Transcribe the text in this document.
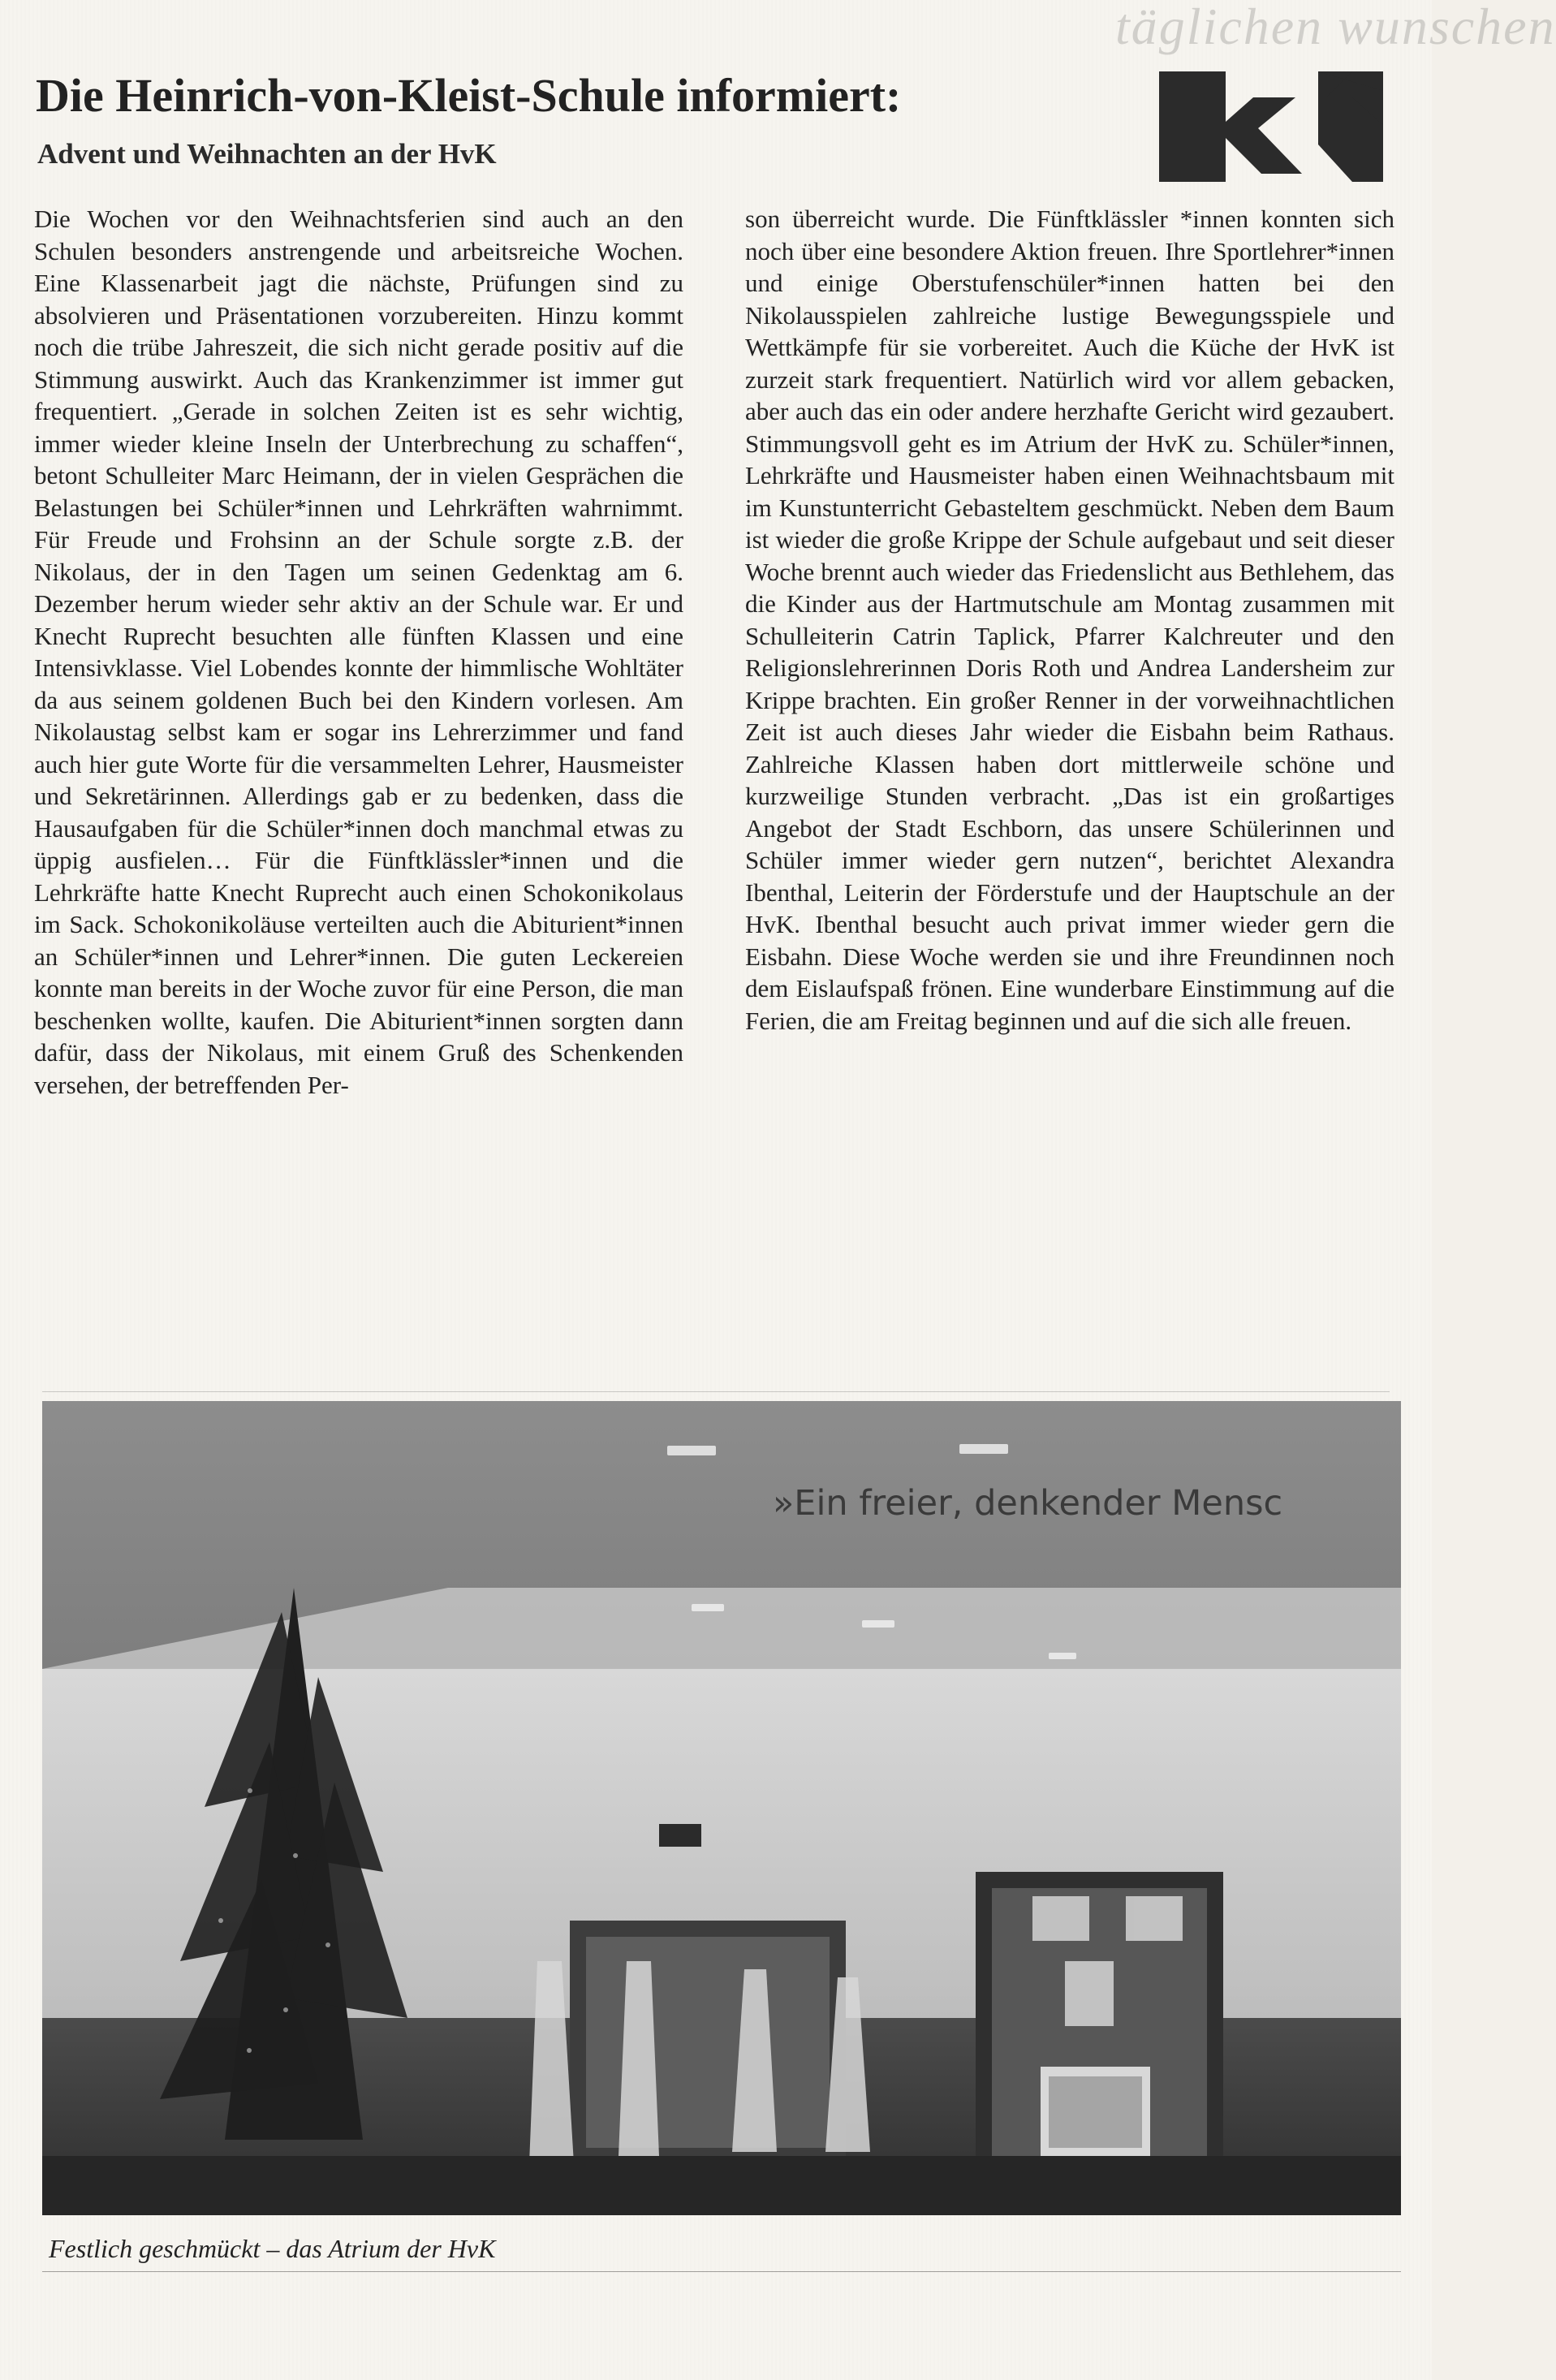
täglichen wunschen
Die Heinrich-von-Kleist-Schule informiert:
Advent und Weihnachten an der HvK
Die Wochen vor den Weihnachtsferien sind auch an den Schulen besonders anstrengende und arbeitsreiche Wochen. Eine Klassenarbeit jagt die nächste, Prüfungen sind zu absolvieren und Präsentationen vorzubereiten. Hinzu kommt noch die trübe Jahreszeit, die sich nicht gerade positiv auf die Stimmung auswirkt. Auch das Krankenzimmer ist immer gut frequentiert. „Gerade in solchen Zeiten ist es sehr wichtig, immer wieder kleine Inseln der Unterbrechung zu schaffen“, betont Schulleiter Marc Heimann, der in vielen Gesprächen die Belastungen bei Schüler*innen und Lehrkräften wahrnimmt. Für Freude und Frohsinn an der Schule sorgte z.B. der Nikolaus, der in den Tagen um seinen Gedenktag am 6. Dezember herum wieder sehr aktiv an der Schule war. Er und Knecht Ruprecht besuchten alle fünften Klassen und eine Intensivklasse. Viel Lobendes konnte der himmlische Wohltäter da aus seinem goldenen Buch bei den Kindern vorlesen. Am Nikolaustag selbst kam er sogar ins Lehrerzimmer und fand auch hier gute Worte für die versammelten Lehrer, Hausmeister und Sekretärinnen. Allerdings gab er zu bedenken, dass die Hausaufgaben für die Schüler*innen doch manchmal etwas zu üppig ausfielen… Für die Fünftklässler*innen und die Lehrkräfte hatte Knecht Ruprecht auch einen Schokonikolaus im Sack. Schokonikoläuse verteilten auch die Abiturient*innen an Schüler*innen und Lehrer*innen. Die guten Leckereien konnte man bereits in der Woche zuvor für eine Person, die man beschenken wollte, kaufen. Die Abiturient*innen sorgten dann dafür, dass der Nikolaus, mit einem Gruß des Schenkenden versehen, der betreffenden Per-
son überreicht wurde. Die Fünftklässler *innen konnten sich noch über eine besondere Aktion freuen. Ihre Sportlehrer*innen und einige Oberstufenschüler*innen hatten bei den Nikolausspielen zahlreiche lustige Bewegungsspiele und Wettkämpfe für sie vorbereitet. Auch die Küche der HvK ist zurzeit stark frequentiert. Natürlich wird vor allem gebacken, aber auch das ein oder andere herzhafte Gericht wird gezaubert. Stimmungsvoll geht es im Atrium der HvK zu. Schüler*innen, Lehrkräfte und Hausmeister haben einen Weihnachtsbaum mit im Kunstunterricht Gebasteltem geschmückt. Neben dem Baum ist wieder die große Krippe der Schule aufgebaut und seit dieser Woche brennt auch wieder das Friedenslicht aus Bethlehem, das die Kinder aus der Hartmutschule am Montag zusammen mit Schulleiterin Catrin Taplick, Pfarrer Kalchreuter und den Religionslehrerinnen Doris Roth und Andrea Landersheim zur Krippe brachten. Ein großer Renner in der vorweihnachtlichen Zeit ist auch dieses Jahr wieder die Eisbahn beim Rathaus. Zahlreiche Klassen haben dort mittlerweile schöne und kurzweilige Stunden verbracht. „Das ist ein großartiges Angebot der Stadt Eschborn, das unsere Schülerinnen und Schüler immer wieder gern nutzen“, berichtet Alexandra Ibenthal, Leiterin der Förderstufe und der Hauptschule an der HvK. Ibenthal besucht auch privat immer wieder gern die Eisbahn. Diese Woche werden sie und ihre Freundinnen noch dem Eislaufspaß frönen. Eine wunderbare Einstimmung auf die Ferien, die am Freitag beginnen und auf die sich alle freuen.
»Ein freier, denkender Mensc
Festlich geschmückt – das Atrium der HvK
